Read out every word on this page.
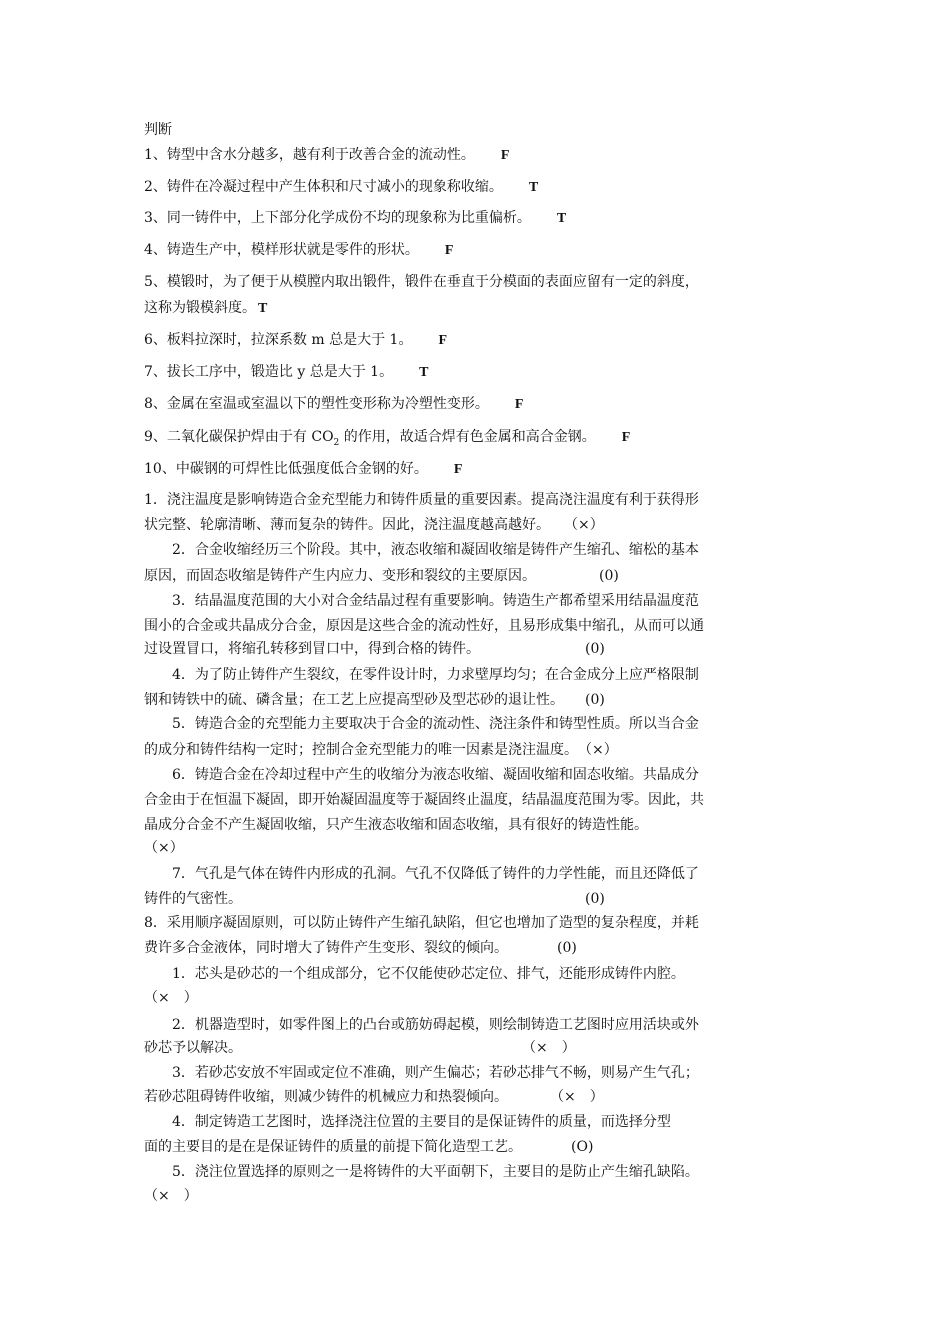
判断
1、铸型中含水分越多，越有利于改善合金的流动性。 F
2、铸件在冷凝过程中产生体积和尺寸减小的现象称收缩。 T
3、同一铸件中，上下部分化学成份不均的现象称为比重偏析。 T
4、铸造生产中，模样形状就是零件的形状。 F
5、模锻时，为了便于从模膛内取出锻件，锻件在垂直于分模面的表面应留有一定的斜度，
这称为锻模斜度。 T
6、板料拉深时，拉深系数 m 总是大于 1。 F
7、拔长工序中，锻造比 y 总是大于 1。 T
8、金属在室温或室温以下的塑性变形称为冷塑性变形。 F
9、二氧化碳保护焊由于有 $CO_2$ 的作用，故适合焊有色金属和高合金钢。 F
10、中碳钢的可焊性比低强度低合金钢的好。 F
1．浇注温度是影响铸造合金充型能力和铸件质量的重要因素。提高浇注温度有利于获得形
状完整、轮廓清晰、薄而复杂的铸件。因此，浇注温度越高越好。　　（×）
2．合金收缩经历三个阶段。其中，液态收缩和凝固收缩是铸件产生缩孔、缩松的基本
原因，而固态收缩是铸件产生内应力、变形和裂纹的主要原因。　　　　　(0)
3．结晶温度范围的大小对合金结晶过程有重要影响。铸造生产都希望采用结晶温度范
围小的合金或共晶成分合金，原因是这些合金的流动性好，且易形成集中缩孔，从而可以通
过设置冒口，将缩孔转移到冒口中，得到合格的铸件。　　　　　　　　(0)
4．为了防止铸件产生裂纹，在零件设计时，力求壁厚均匀；在合金成分上应严格限制
钢和铸铁中的硫、磷含量；在工艺上应提高型砂及型芯砂的退让性。　　(0)
5．铸造合金的充型能力主要取决于合金的流动性、浇注条件和铸型性质。所以当合金
的成分和铸件结构一定时；控制合金充型能力的唯一因素是浇注温度。　（×）
6．铸造合金在冷却过程中产生的收缩分为液态收缩、凝固收缩和固态收缩。共晶成分
合金由于在恒温下凝固，即开始凝固温度等于凝固终止温度，结晶温度范围为零。因此，共
晶成分合金不产生凝固收缩，只产生液态收缩和固态收缩，具有很好的铸造性能。
（×）
7．气孔是气体在铸件内形成的孔洞。气孔不仅降低了铸件的力学性能，而且还降低了
铸件的气密性。　　　　　　　　　　　　　　　　　　　　　　　　　(0)
8．采用顺序凝固原则，可以防止铸件产生缩孔缺陷，但它也增加了造型的复杂程度，并耗
费许多合金液体，同时增大了铸件产生变形、裂纹的倾向。　　　　(0)
1．芯头是砂芯的一个组成部分，它不仅能使砂芯定位、排气，还能形成铸件内腔。
（×　）
2．机器造型时，如零件图上的凸台或筋妨碍起模，则绘制铸造工艺图时应用活块或外
砂芯予以解决。　　　　　　　　　　　　　　　　　　　　　（×　）
3．若砂芯安放不牢固或定位不准确，则产生偏芯；若砂芯排气不畅，则易产生气孔；
若砂芯阻碍铸件收缩，则减少铸件的机械应力和热裂倾向。　　　　（×　）
4．制定铸造工艺图时，选择浇注位置的主要目的是保证铸件的质量，而选择分型
面的主要目的是在是保证铸件的质量的前提下简化造型工艺。　　　　(O)
5．浇注位置选择的原则之一是将铸件的大平面朝下，主要目的是防止产生缩孔缺陷。
（×　）
